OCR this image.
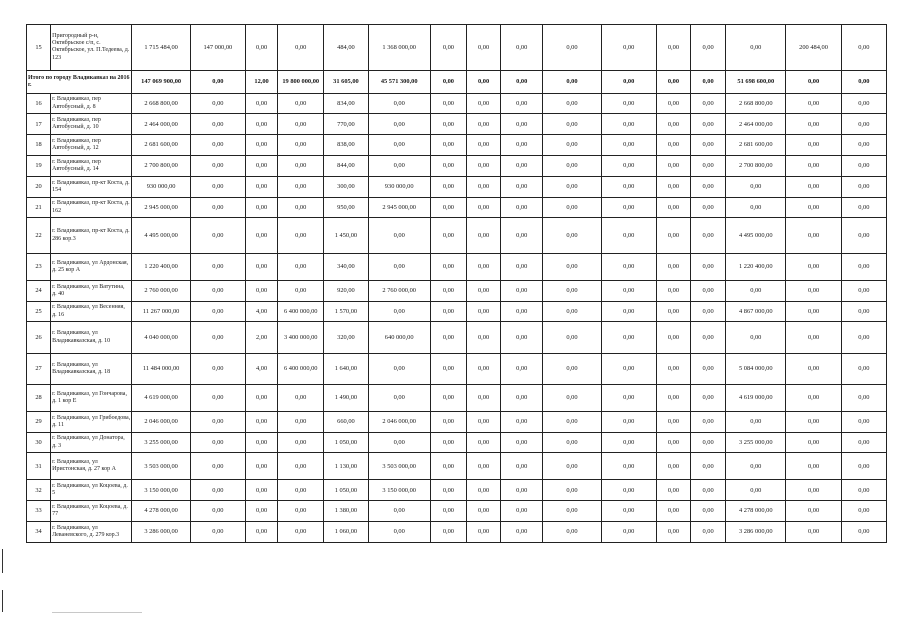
15	Пригородный р-н, Октябрьское с/п, с. Октябрьское, ул. П.Тедеева, д. 123	1 715 484,00	147 000,00	0,00	0,00	484,00	1 368 000,00	0,00	0,00	0,00	0,00	0,00	0,00	0,00	0,00	200 484,00	0,00
Итого по городу Владикавказ на 2016 г.		147 069 900,00	0,00	12,00	19 800 000,00	31 605,00	45 571 300,00	0,00	0,00	0,00	0,00	0,00	0,00	0,00	51 698 600,00	0,00	0,00
16	г. Владикавказ, пер Автобусный, д. 8	2 668 800,00	0,00	0,00	0,00	834,00	0,00	0,00	0,00	0,00	0,00	0,00	0,00	0,00	2 668 800,00	0,00	0,00
17	г. Владикавказ, пер Автобусный, д. 10	2 464 000,00	0,00	0,00	0,00	770,00	0,00	0,00	0,00	0,00	0,00	0,00	0,00	0,00	2 464 000,00	0,00	0,00
18	г. Владикавказ, пер Автобусный, д. 12	2 681 600,00	0,00	0,00	0,00	838,00	0,00	0,00	0,00	0,00	0,00	0,00	0,00	0,00	2 681 600,00	0,00	0,00
19	г. Владикавказ, пер Автобусный, д. 14	2 700 800,00	0,00	0,00	0,00	844,00	0,00	0,00	0,00	0,00	0,00	0,00	0,00	0,00	2 700 800,00	0,00	0,00
20	г. Владикавказ, пр-кт Коста, д. 154	930 000,00	0,00	0,00	0,00	300,00	930 000,00	0,00	0,00	0,00	0,00	0,00	0,00	0,00	0,00	0,00	0,00
21	г. Владикавказ, пр-кт Коста, д. 162	2 945 000,00	0,00	0,00	0,00	950,00	2 945 000,00	0,00	0,00	0,00	0,00	0,00	0,00	0,00	0,00	0,00	0,00
22	г. Владикавказ, пр-кт Коста, д. 286 кор.3	4 495 000,00	0,00	0,00	0,00	1 450,00	0,00	0,00	0,00	0,00	0,00	0,00	0,00	0,00	4 495 000,00	0,00	0,00
23	г. Владикавказ, ул Ардонская, д. 25 кор А	1 220 400,00	0,00	0,00	0,00	340,00	0,00	0,00	0,00	0,00	0,00	0,00	0,00	0,00	1 220 400,00	0,00	0,00
24	г. Владикавказ, ул Ватутина, д. 40	2 760 000,00	0,00	0,00	0,00	920,00	2 760 000,00	0,00	0,00	0,00	0,00	0,00	0,00	0,00	0,00	0,00	0,00
25	г. Владикавказ, ул Весенняя, д. 16	11 267 000,00	0,00	4,00	6 400 000,00	1 570,00	0,00	0,00	0,00	0,00	0,00	0,00	0,00	0,00	4 867 000,00	0,00	0,00
26	г. Владикавказ, ул Владикавказская, д. 10	4 040 000,00	0,00	2,00	3 400 000,00	320,00	640 000,00	0,00	0,00	0,00	0,00	0,00	0,00	0,00	0,00	0,00	0,00
27	г. Владикавказ, ул Владикавказская, д. 18	11 484 000,00	0,00	4,00	6 400 000,00	1 640,00	0,00	0,00	0,00	0,00	0,00	0,00	0,00	0,00	5 084 000,00	0,00	0,00
28	г. Владикавказ, ул Гончарова, д. 1 кор Е	4 619 000,00	0,00	0,00	0,00	1 490,00	0,00	0,00	0,00	0,00	0,00	0,00	0,00	0,00	4 619 000,00	0,00	0,00
29	г. Владикавказ, ул Грибоедова, д. 11	2 046 000,00	0,00	0,00	0,00	660,00	2 046 000,00	0,00	0,00	0,00	0,00	0,00	0,00	0,00	0,00	0,00	0,00
30	г. Владикавказ, ул Донатора, д. 3	3 255 000,00	0,00	0,00	0,00	1 050,00	0,00	0,00	0,00	0,00	0,00	0,00	0,00	0,00	3 255 000,00	0,00	0,00
31	г. Владикавказ, ул Иристонская, д. 27 кор А	3 503 000,00	0,00	0,00	0,00	1 130,00	3 503 000,00	0,00	0,00	0,00	0,00	0,00	0,00	0,00	0,00	0,00	0,00
32	г. Владикавказ, ул Коцоева, д. 5	3 150 000,00	0,00	0,00	0,00	1 050,00	3 150 000,00	0,00	0,00	0,00	0,00	0,00	0,00	0,00	0,00	0,00	0,00
33	г. Владикавказ, ул Коцоева, д. 77	4 278 000,00	0,00	0,00	0,00	1 380,00	0,00	0,00	0,00	0,00	0,00	0,00	0,00	0,00	4 278 000,00	0,00	0,00
34	г. Владикавказ, ул Леваневского, д. 279 кор.3	3 286 000,00	0,00	0,00	0,00	1 060,00	0,00	0,00	0,00	0,00	0,00	0,00	0,00	0,00	3 286 000,00	0,00	0,00
